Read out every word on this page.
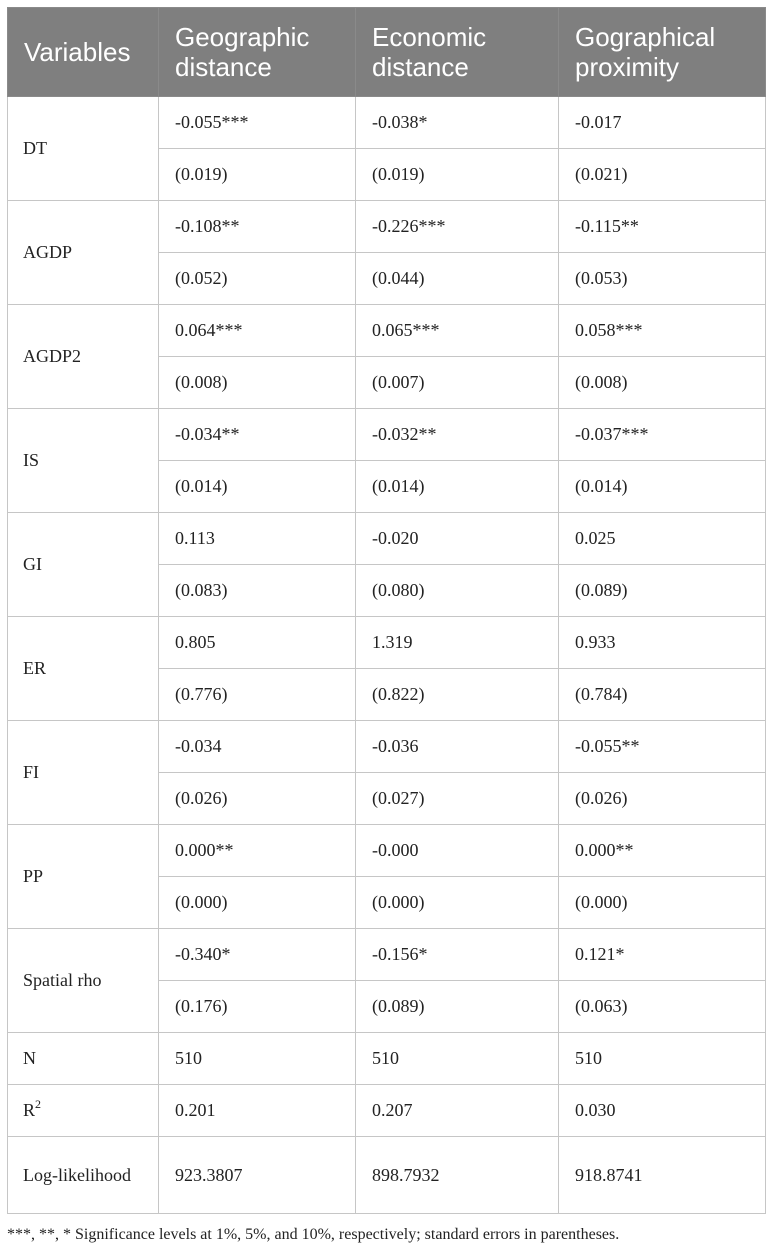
Variables	Geographic distance	Economic distance	Gographical proximity
DT	-0.055***	-0.038*	-0.017
	(0.019)	(0.019)	(0.021)
AGDP	-0.108**	-0.226***	-0.115**
	(0.052)	(0.044)	(0.053)
AGDP2	0.064***	0.065***	0.058***
	(0.008)	(0.007)	(0.008)
IS	-0.034**	-0.032**	-0.037***
	(0.014)	(0.014)	(0.014)
GI	0.113	-0.020	0.025
	(0.083)	(0.080)	(0.089)
ER	0.805	1.319	0.933
	(0.776)	(0.822)	(0.784)
FI	-0.034	-0.036	-0.055**
	(0.026)	(0.027)	(0.026)
PP	0.000**	-0.000	0.000**
	(0.000)	(0.000)	(0.000)
Spatial rho	-0.340*	-0.156*	0.121*
	(0.176)	(0.089)	(0.063)
N	510	510	510
$R^2$	0.201	0.207	0.030
Log-likelihood	923.3807	898.7932	918.8741
***, **, * Significance levels at 1%, 5%, and 10%, respectively; standard errors in parentheses.
